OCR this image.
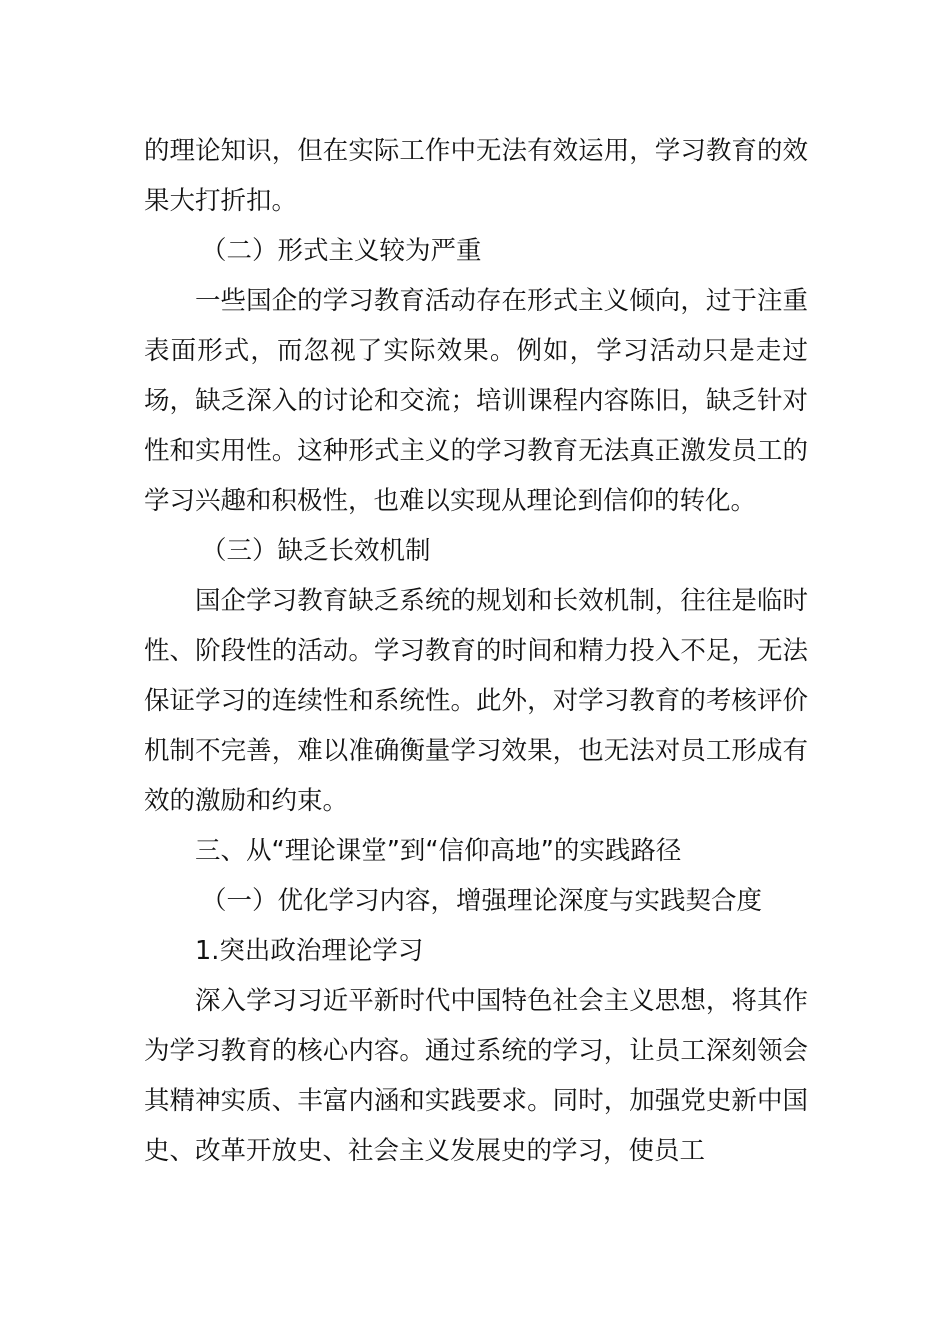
的理论知识，但在实际工作中无法有效运用，学习教育的效果大打折扣。

（二）形式主义较为严重

一些国企的学习教育活动存在形式主义倾向，过于注重表面形式，而忽视了实际效果。例如，学习活动只是走过场，缺乏深入的讨论和交流；培训课程内容陈旧，缺乏针对性和实用性。这种形式主义的学习教育无法真正激发员工的学习兴趣和积极性，也难以实现从理论到信仰的转化。

（三）缺乏长效机制

国企学习教育缺乏系统的规划和长效机制，往往是临时性、阶段性的活动。学习教育的时间和精力投入不足，无法保证学习的连续性和系统性。此外，对学习教育的考核评价机制不完善，难以准确衡量学习效果，也无法对员工形成有效的激励和约束。

三、从“理论课堂”到“信仰高地”的实践路径

（一）优化学习内容，增强理论深度与实践契合度

1.突出政治理论学习

深入学习习近平新时代中国特色社会主义思想，将其作为学习教育的核心内容。通过系统的学习，让员工深刻领会其精神实质、丰富内涵和实践要求。同时，加强党史新中国史、改革开放史、社会主义发展史的学习，使员工
